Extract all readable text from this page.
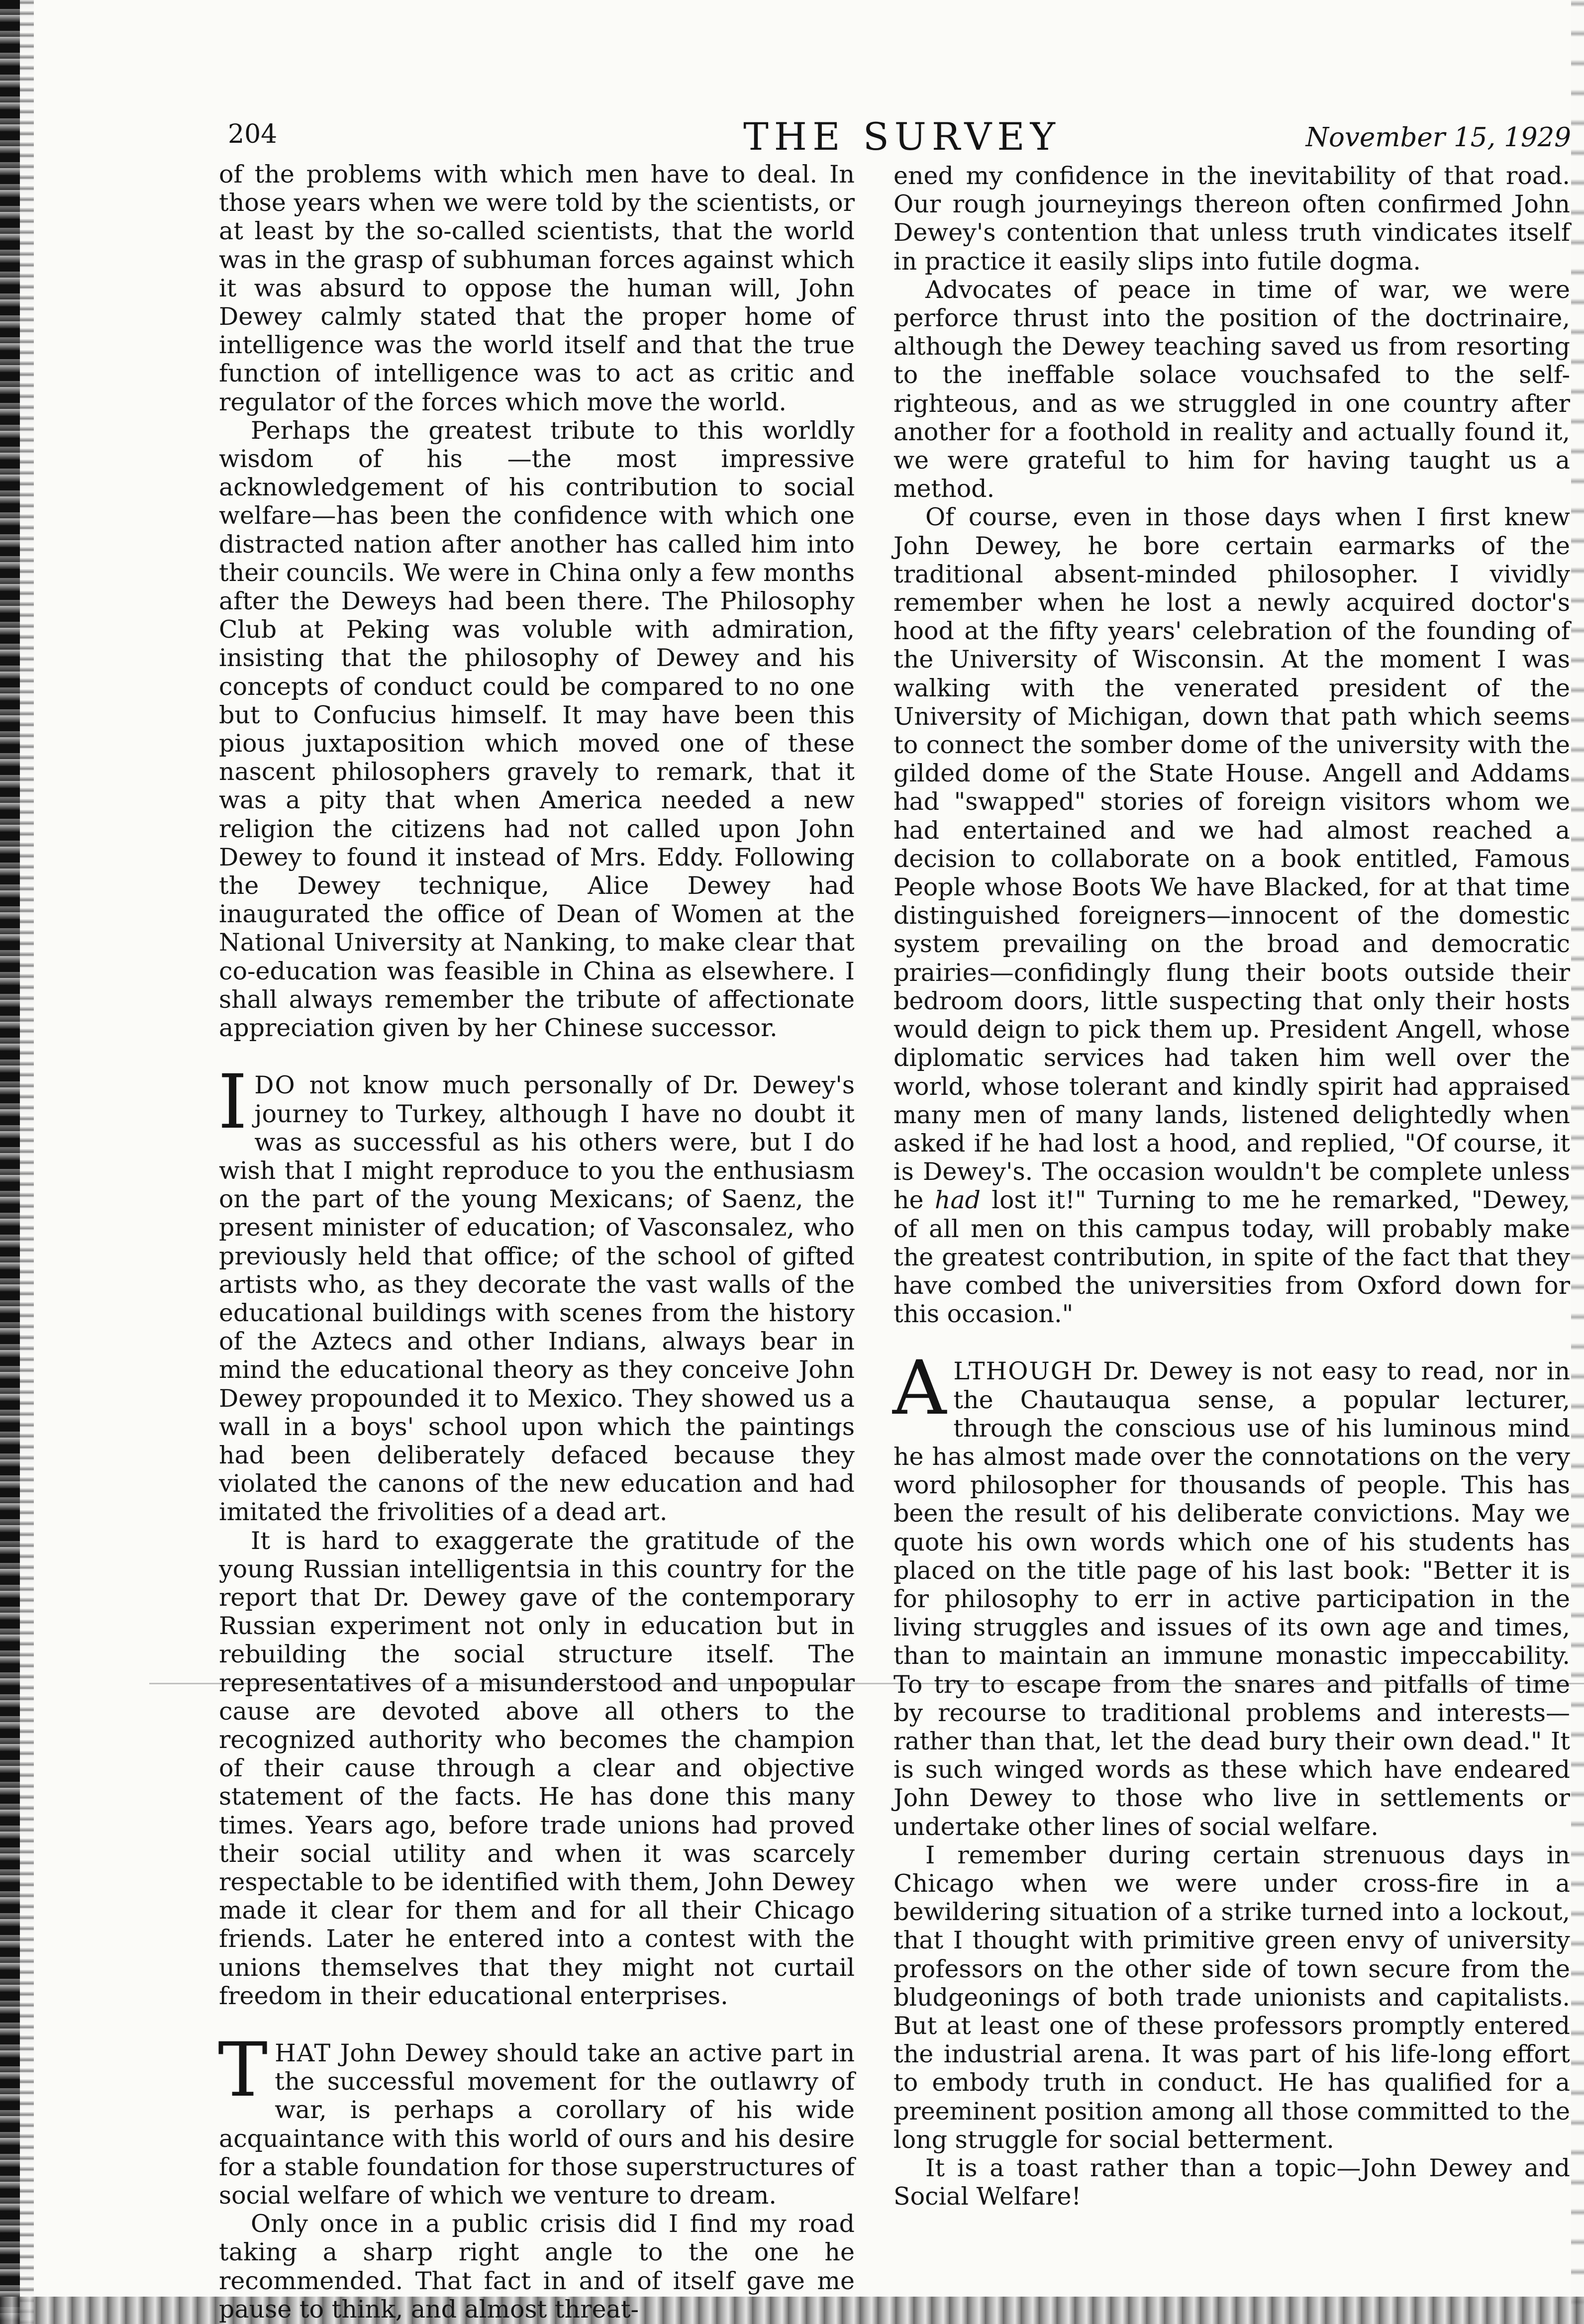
204	THE SURVEY	November 15, 1929

of the problems with which men have to deal. In those years when we were told by the scientists, or at least by the so-called scientists, that the world was in the grasp of subhuman forces against which it was absurd to oppose the human will, John Dewey calmly stated that the proper home of intelligence was the world itself and that the true function of intelligence was to act as critic and regulator of the forces which move the world.

Perhaps the greatest tribute to this worldly wisdom of his —the most impressive acknowledgement of his contribution to social welfare—has been the confidence with which one distracted nation after another has called him into their councils. We were in China only a few months after the Deweys had been there. The Philosophy Club at Peking was voluble with admiration, insisting that the philosophy of Dewey and his concepts of conduct could be compared to no one but to Confucius himself. It may have been this pious juxtaposition which moved one of these nascent philosophers gravely to remark, that it was a pity that when America needed a new religion the citizens had not called upon John Dewey to found it instead of Mrs. Eddy. Following the Dewey technique, Alice Dewey had inaugurated the office of Dean of Women at the National University at Nanking, to make clear that co-education was feasible in China as elsewhere. I shall always remember the tribute of affectionate appreciation given by her Chinese successor.

IDO not know much personally of Dr. Dewey's journey to Turkey, although I have no doubt it was as successful as his others were, but I do wish that I might reproduce to you the enthusiasm on the part of the young Mexicans; of Saenz, the present minister of education; of Vasconsalez, who previously held that office; of the school of gifted artists who, as they decorate the vast walls of the educational buildings with scenes from the history of the Aztecs and other Indians, always bear in mind the educational theory as they conceive John Dewey propounded it to Mexico. They showed us a wall in a boys' school upon which the paintings had been deliberately defaced because they violated the canons of the new education and had imitated the frivolities of a dead art.

It is hard to exaggerate the gratitude of the young Russian intelligentsia in this country for the report that Dr. Dewey gave of the contemporary Russian experiment not only in education but in rebuilding the social structure itself. The representatives of a misunderstood and unpopular cause are devoted above all others to the recognized authority who becomes the champion of their cause through a clear and objective statement of the facts. He has done this many times. Years ago, before trade unions had proved their social utility and when it was scarcely respectable to be identified with them, John Dewey made it clear for them and for all their Chicago friends. Later he entered into a contest with the unions themselves that they might not curtail freedom in their educational enterprises.

THAT John Dewey should take an active part in the successful movement for the outlawry of war, is perhaps a corollary of his wide acquaintance with this world of ours and his desire for a stable foundation for those superstructures of social welfare of which we venture to dream.

Only once in a public crisis did I find my road taking a sharp right angle to the one he recommended. That fact in and of itself gave me pause to think, and almost threat-

ened my confidence in the inevitability of that road. Our rough journeyings thereon often confirmed John Dewey's contention that unless truth vindicates itself in practice it easily slips into futile dogma.

Advocates of peace in time of war, we were perforce thrust into the position of the doctrinaire, although the Dewey teaching saved us from resorting to the ineffable solace vouchsafed to the self-righteous, and as we struggled in one country after another for a foothold in reality and actually found it, we were grateful to him for having taught us a method.

Of course, even in those days when I first knew John Dewey, he bore certain earmarks of the traditional absent-minded philosopher. I vividly remember when he lost a newly acquired doctor's hood at the fifty years' celebration of the founding of the University of Wisconsin. At the moment I was walking with the venerated president of the University of Michigan, down that path which seems to connect the somber dome of the university with the gilded dome of the State House. Angell and Addams had "swapped" stories of foreign visitors whom we had entertained and we had almost reached a decision to collaborate on a book entitled, Famous People whose Boots We have Blacked, for at that time distinguished foreigners—innocent of the domestic system prevailing on the broad and democratic prairies—confidingly flung their boots outside their bedroom doors, little suspecting that only their hosts would deign to pick them up. President Angell, whose diplomatic services had taken him well over the world, whose tolerant and kindly spirit had appraised many men of many lands, listened delightedly when asked if he had lost a hood, and replied, "Of course, it is Dewey's. The occasion wouldn't be complete unless he had lost it!" Turning to me he remarked, "Dewey, of all men on this campus today, will probably make the greatest contribution, in spite of the fact that they have combed the universities from Oxford down for this occasion."

ALTHOUGH Dr. Dewey is not easy to read, nor in the Chautauqua sense, a popular lecturer, through the conscious use of his luminous mind he has almost made over the connotations on the very word philosopher for thousands of people. This has been the result of his deliberate convictions. May we quote his own words which one of his students has placed on the title page of his last book: "Better it is for philosophy to err in active participation in the living struggles and issues of its own age and times, than to maintain an immune monastic impeccability. To try to escape from the snares and pitfalls of time by recourse to traditional problems and interests—rather than that, let the dead bury their own dead." It is such winged words as these which have endeared John Dewey to those who live in settlements or undertake other lines of social welfare.

I remember during certain strenuous days in Chicago when we were under cross-fire in a bewildering situation of a strike turned into a lockout, that I thought with primitive green envy of university professors on the other side of town secure from the bludgeonings of both trade unionists and capitalists. But at least one of these professors promptly entered the industrial arena. It was part of his life-long effort to embody truth in conduct. He has qualified for a preeminent position among all those committed to the long struggle for social betterment.

It is a toast rather than a topic—John Dewey and Social Welfare!
